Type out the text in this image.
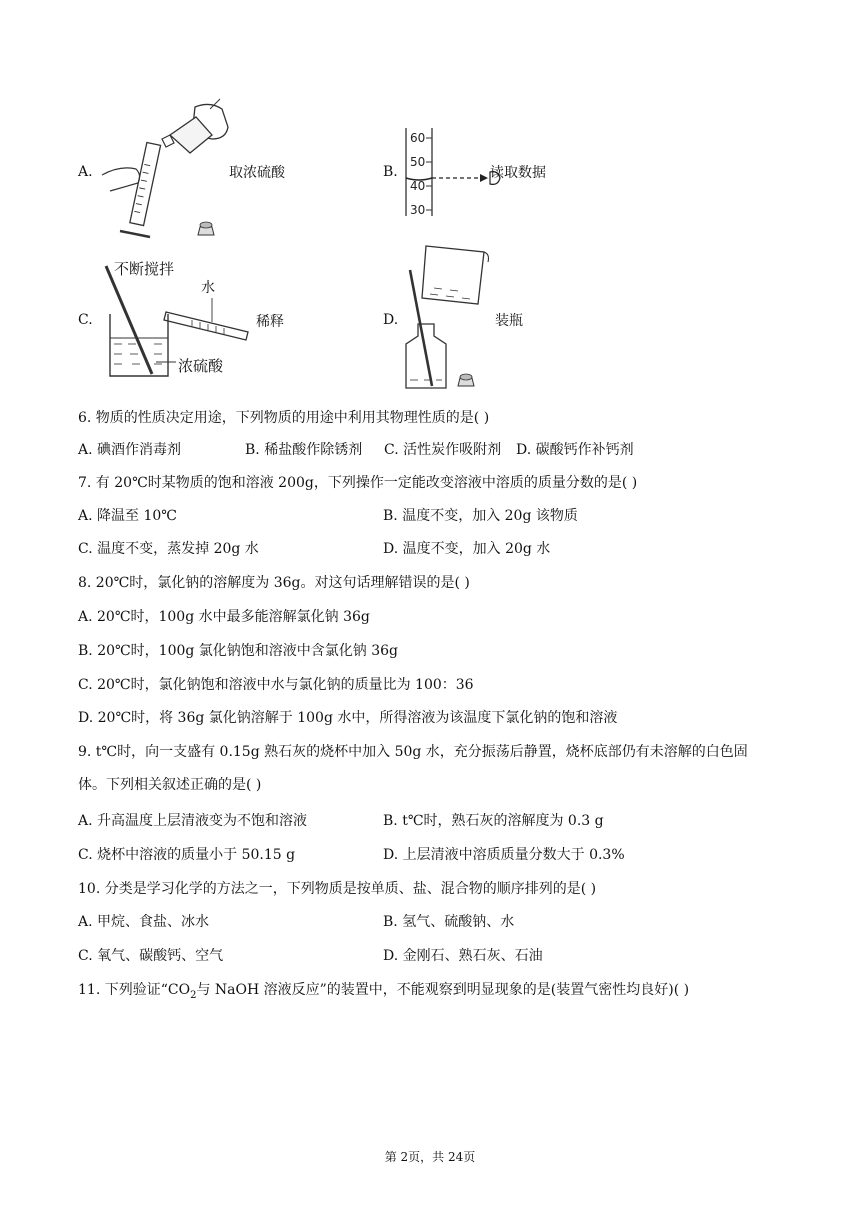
A.	取浓硫酸	B.
60
50
40
30
读取数据
C.
不断搅拌
水
稀释
浓硫酸
D.	装瓶
6. 物质的性质决定用途，下列物质的用途中利用其物理性质的是( )
A. 碘酒作消毒剂	B. 稀盐酸作除锈剂 C. 活性炭作吸附剂 D. 碳酸钙作补钙剂
7. 有 20℃时某物质的饱和溶液 200g，下列操作一定能改变溶液中溶质的质量分数的是( )
A. 降温至 10℃	B. 温度不变，加入 20g 该物质
C. 温度不变，蒸发掉 20g 水	D. 温度不变，加入 20g 水
8. 20℃时，氯化钠的溶解度为 36g。对这句话理解错误的是( )
A. 20℃时，100g 水中最多能溶解氯化钠 36g
B. 20℃时，100g 氯化钠饱和溶液中含氯化钠 36g
C. 20℃时，氯化钠饱和溶液中水与氯化钠的质量比为 100：36
D. 20℃时，将 36g 氯化钠溶解于 100g 水中，所得溶液为该温度下氯化钠的饱和溶液
9. t℃时，向一支盛有 0.15g 熟石灰的烧杯中加入 50g 水，充分振荡后静置，烧杯底部仍有未溶解的白色固
体。下列相关叙述正确的是( )
A. 升高温度上层清液变为不饱和溶液	B. t℃时，熟石灰的溶解度为 0.3 g
C. 烧杯中溶液的质量小于 50.15 g	D. 上层清液中溶质质量分数大于 0.3%
10. 分类是学习化学的方法之一，下列物质是按单质、盐、混合物的顺序排列的是( )
A. 甲烷、食盐、冰水	B. 氢气、硫酸钠、水
C. 氧气、碳酸钙、空气	D. 金刚石、熟石灰、石油
11. 下列验证“$CO_2$与 NaOH 溶液反应”的装置中，不能观察到明显现象的是(装置气密性均良好)( )
第 2页，共 24页
